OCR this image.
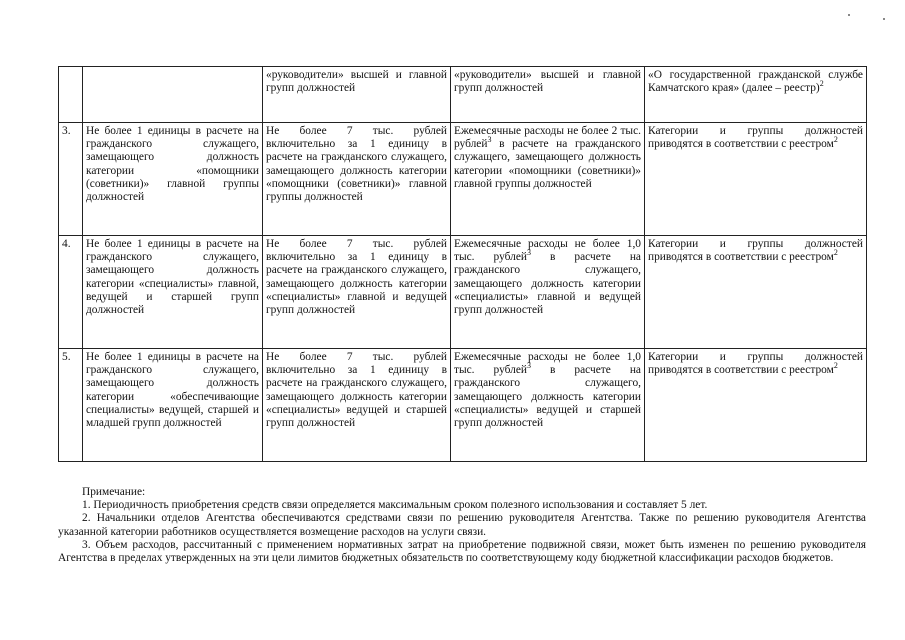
		«руководители» высшей и главной групп должностей	«руководители» высшей и главной групп должностей	«О государственной гражданской службе Камчатского края» (далее – реестр)$^2$
3.	Не более 1 единицы в расчете на гражданского служащего, замещающего должность категории «помощники (советники)» главной группы должностей	Не более 7 тыс. рублей включительно за 1 единицу в расчете на гражданского служащего, замещающего должность категории «помощники (советники)» главной группы должностей	Ежемесячные расходы не более 2 тыс. рублей$^3$ в расчете на гражданского служащего, замещающего должность категории «помощники (советники)» главной группы должностей	Категории и группы должностей приводятся в соответствии с реестром$^2$
4.	Не более 1 единицы в расчете на гражданского служащего, замещающего должность категории «специалисты» главной, ведущей и старшей групп должностей	Не более 7 тыс. рублей включительно за 1 единицу в расчете на гражданского служащего, замещающего должность категории «специалисты» главной и ведущей групп должностей	Ежемесячные расходы не более 1,0 тыс. рублей$^3$ в расчете на гражданского служащего, замещающего должность категории «специалисты» главной и ведущей групп должностей	Категории и группы должностей приводятся в соответствии с реестром$^2$
5.	Не более 1 единицы в расчете на гражданского служащего, замещающего должность категории «обеспечивающие специалисты» ведущей, старшей и младшей групп должностей	Не более 7 тыс. рублей включительно за 1 единицу в расчете на гражданского служащего, замещающего должность категории «специалисты» ведущей и старшей групп должностей	Ежемесячные расходы не более 1,0 тыс. рублей$^3$ в расчете на гражданского служащего, замещающего должность категории «специалисты» ведущей и старшей групп должностей	Категории и группы должностей приводятся в соответствии с реестром$^2$
Примечание:

1. Периодичность приобретения средств связи определяется максимальным сроком полезного использования и составляет 5 лет.

2. Начальники отделов Агентства обеспечиваются средствами связи по решению руководителя Агентства. Также по решению руководителя Агентства указанной категории работников осуществляется возмещение расходов на услуги связи.

3. Объем расходов, рассчитанный с применением нормативных затрат на приобретение подвижной связи, может быть изменен по решению руководителя Агентства в пределах утвержденных на эти цели лимитов бюджетных обязательств по соответствующему коду бюджетной классификации расходов бюджетов.
